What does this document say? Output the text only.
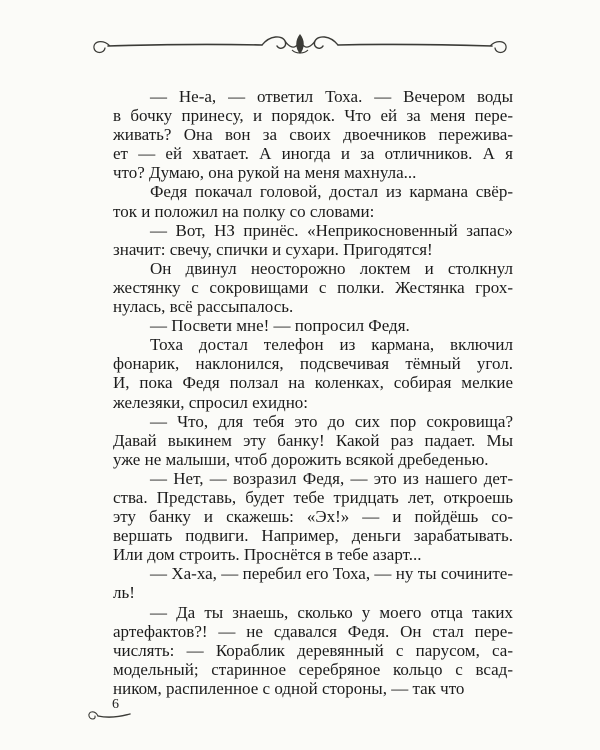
— Не-а, — ответил Тоха. — Вечером воды
в бочку принесу, и порядок. Что ей за меня пере-
живать? Она вон за своих двоечников пережива-
ет — ей хватает. А иногда и за отличников. А я
что? Думаю, она рукой на меня махнула...
Федя покачал головой, достал из кармана свёр-
ток и положил на полку со словами:
— Вот, НЗ принёс. «Неприкосновенный запас»
значит: свечу, спички и сухари. Пригодятся!
Он двинул неосторожно локтем и столкнул
жестянку с сокровищами с полки. Жестянка грох-
нулась, всё рассыпалось.
— Посвети мне! — попросил Федя.
Тоха достал телефон из кармана, включил
фонарик, наклонился, подсвечивая тёмный угол.
И, пока Федя ползал на коленках, собирая мелкие
железяки, спросил ехидно:
— Что, для тебя это до сих пор сокровища?
Давай выкинем эту банку! Какой раз падает. Мы
уже не малыши, чтоб дорожить всякой дребеденью.
— Нет, — возразил Федя, — это из нашего дет-
ства. Представь, будет тебе тридцать лет, откроешь
эту банку и скажешь: «Эх!» — и пойдёшь со-
вершать подвиги. Например, деньги зарабатывать.
Или дом строить. Проснётся в тебе азарт...
— Ха-ха, — перебил его Тоха, — ну ты сочините-
ль!
— Да ты знаешь, сколько у моего отца таких
артефактов?! — не сдавался Федя. Он стал пере-
числять: — Кораблик деревянный с парусом, са-
модельный; старинное серебряное кольцо с всад-
ником, распиленное с одной стороны, — так что
6
